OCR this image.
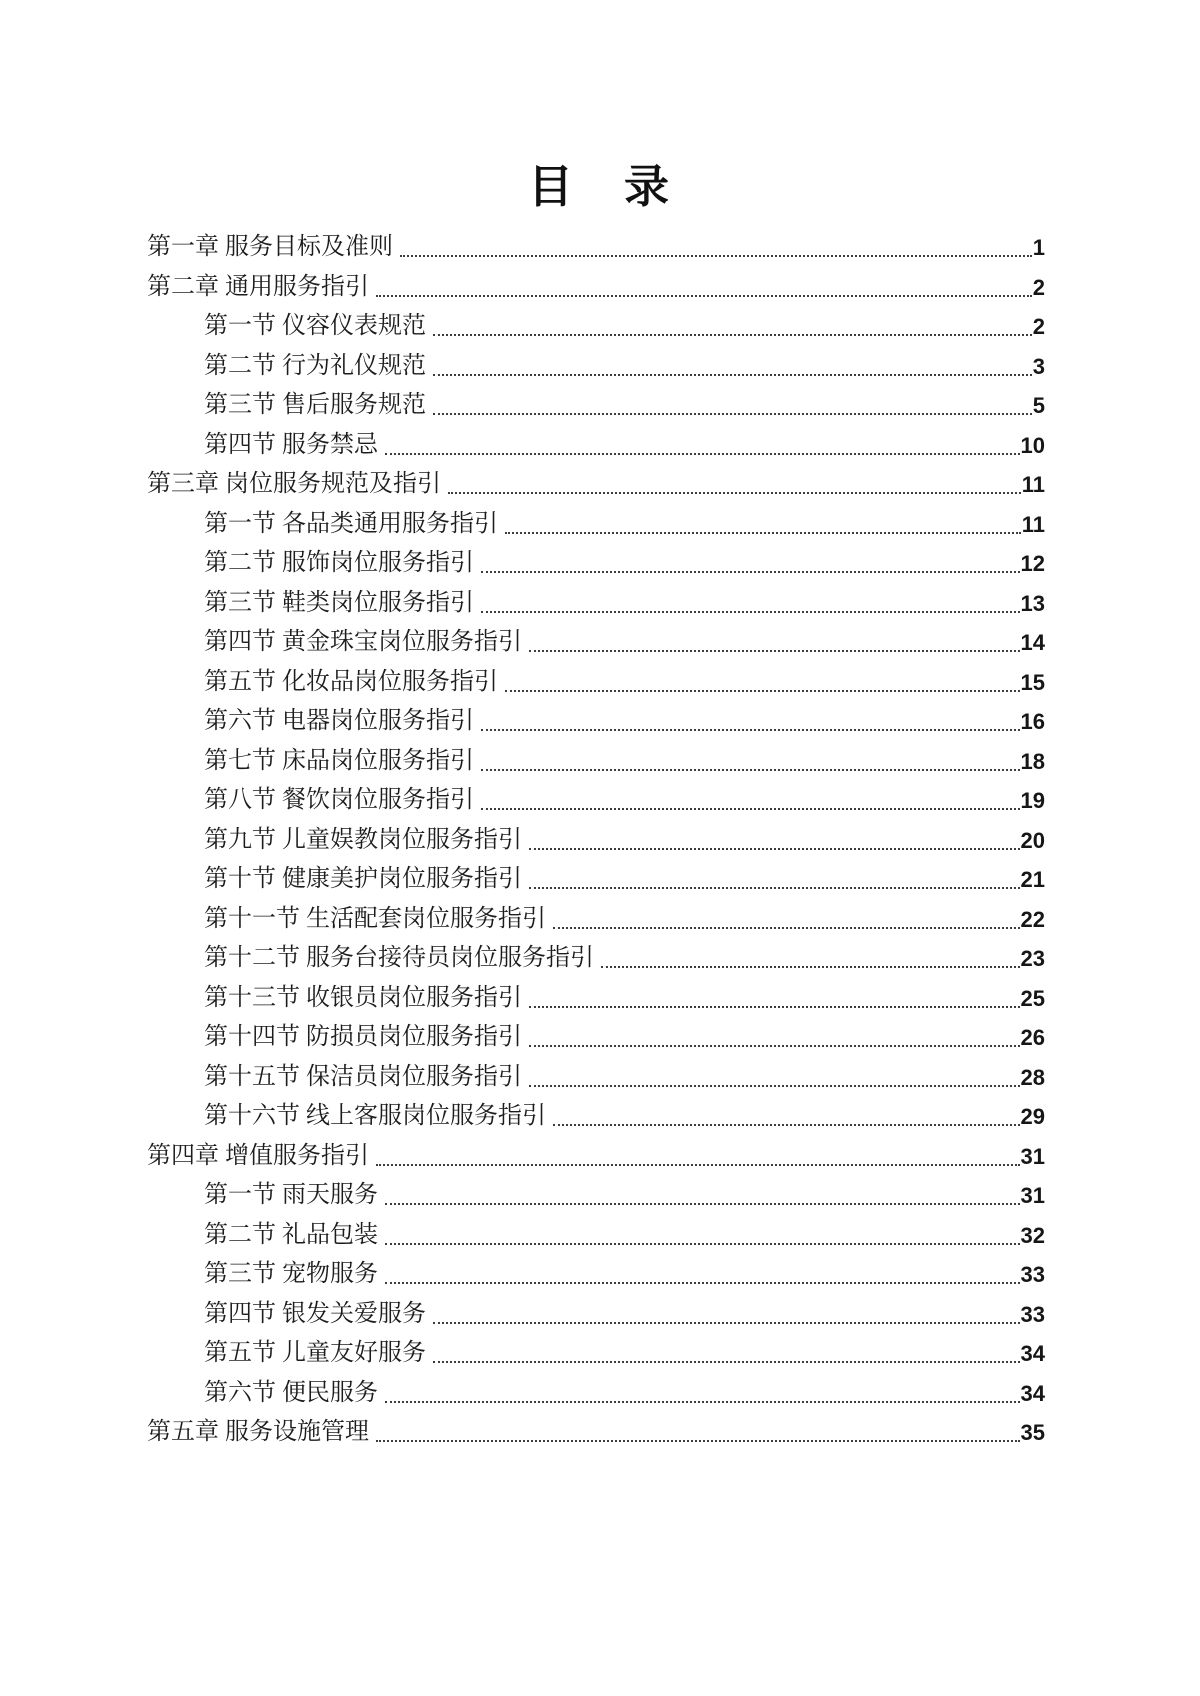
目　录
第一章 服务目标及准则	1
第二章 通用服务指引	2
第一节 仪容仪表规范	2
第二节 行为礼仪规范	3
第三节 售后服务规范	5
第四节 服务禁忌	10
第三章 岗位服务规范及指引	11
第一节 各品类通用服务指引	11
第二节 服饰岗位服务指引	12
第三节 鞋类岗位服务指引	13
第四节 黄金珠宝岗位服务指引	14
第五节 化妆品岗位服务指引	15
第六节 电器岗位服务指引	16
第七节 床品岗位服务指引	18
第八节 餐饮岗位服务指引	19
第九节 儿童娱教岗位服务指引	20
第十节 健康美护岗位服务指引	21
第十一节 生活配套岗位服务指引	22
第十二节 服务台接待员岗位服务指引	23
第十三节 收银员岗位服务指引	25
第十四节 防损员岗位服务指引	26
第十五节 保洁员岗位服务指引	28
第十六节 线上客服岗位服务指引	29
第四章 增值服务指引	31
第一节 雨天服务	31
第二节 礼品包装	32
第三节 宠物服务	33
第四节 银发关爱服务	33
第五节 儿童友好服务	34
第六节 便民服务	34
第五章 服务设施管理	35
